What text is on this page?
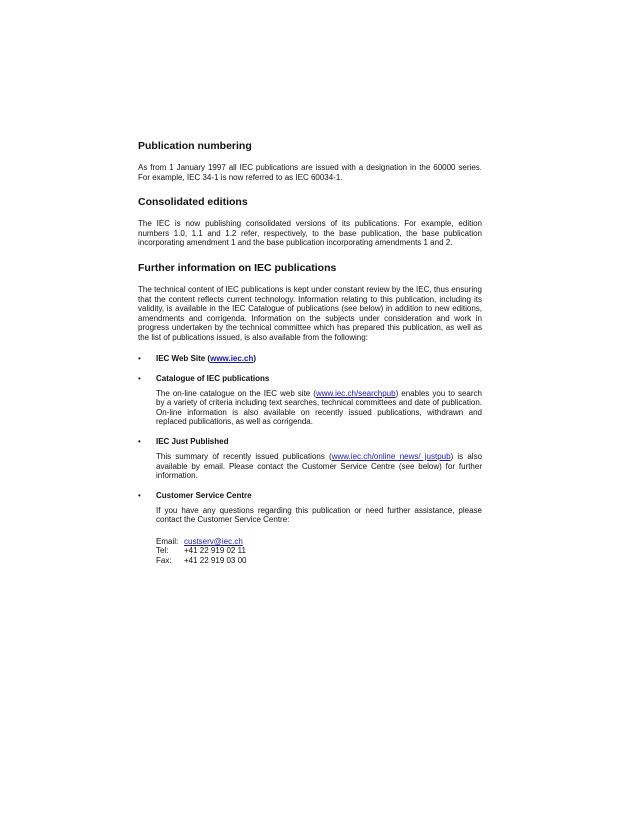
Publication numbering

As from 1 January 1997 all IEC publications are issued with a designation in the 60000 series. For example, IEC 34-1 is now referred to as IEC 60034-1.

Consolidated editions

The IEC is now publishing consolidated versions of its publications. For example, edition numbers 1.0, 1.1 and 1.2 refer, respectively, to the base publication, the base publication incorporating amendment 1 and the base publication incorporating amendments 1 and 2.

Further information on IEC publications

The technical content of IEC publications is kept under constant review by the IEC, thus ensuring that the content reflects current technology. Information relating to this publication, including its validity, is available in the IEC Catalogue of publications (see below) in addition to new editions, amendments and corrigenda. Information on the subjects under consideration and work in progress undertaken by the technical committee which has prepared this publication, as well as the list of publications issued, is also available from the following:

• IEC Web Site (www.iec.ch)
• Catalogue of IEC publications

The on-line catalogue on the IEC web site (www.iec.ch/searchpub) enables you to search by a variety of criteria including text searches, technical committees and date of publication. On-line information is also available on recently issued publications, withdrawn and replaced publications, as well as corrigenda.

• IEC Just Published

This summary of recently issued publications (www.iec.ch/online_news/ justpub) is also available by email. Please contact the Customer Service Centre (see below) for further information.

• Customer Service Centre

If you have any questions regarding this publication or need further assistance, please contact the Customer Service Centre:

Email: custserv@iec.ch
Tel: +41 22 919 02 11
Fax: +41 22 919 03 00
